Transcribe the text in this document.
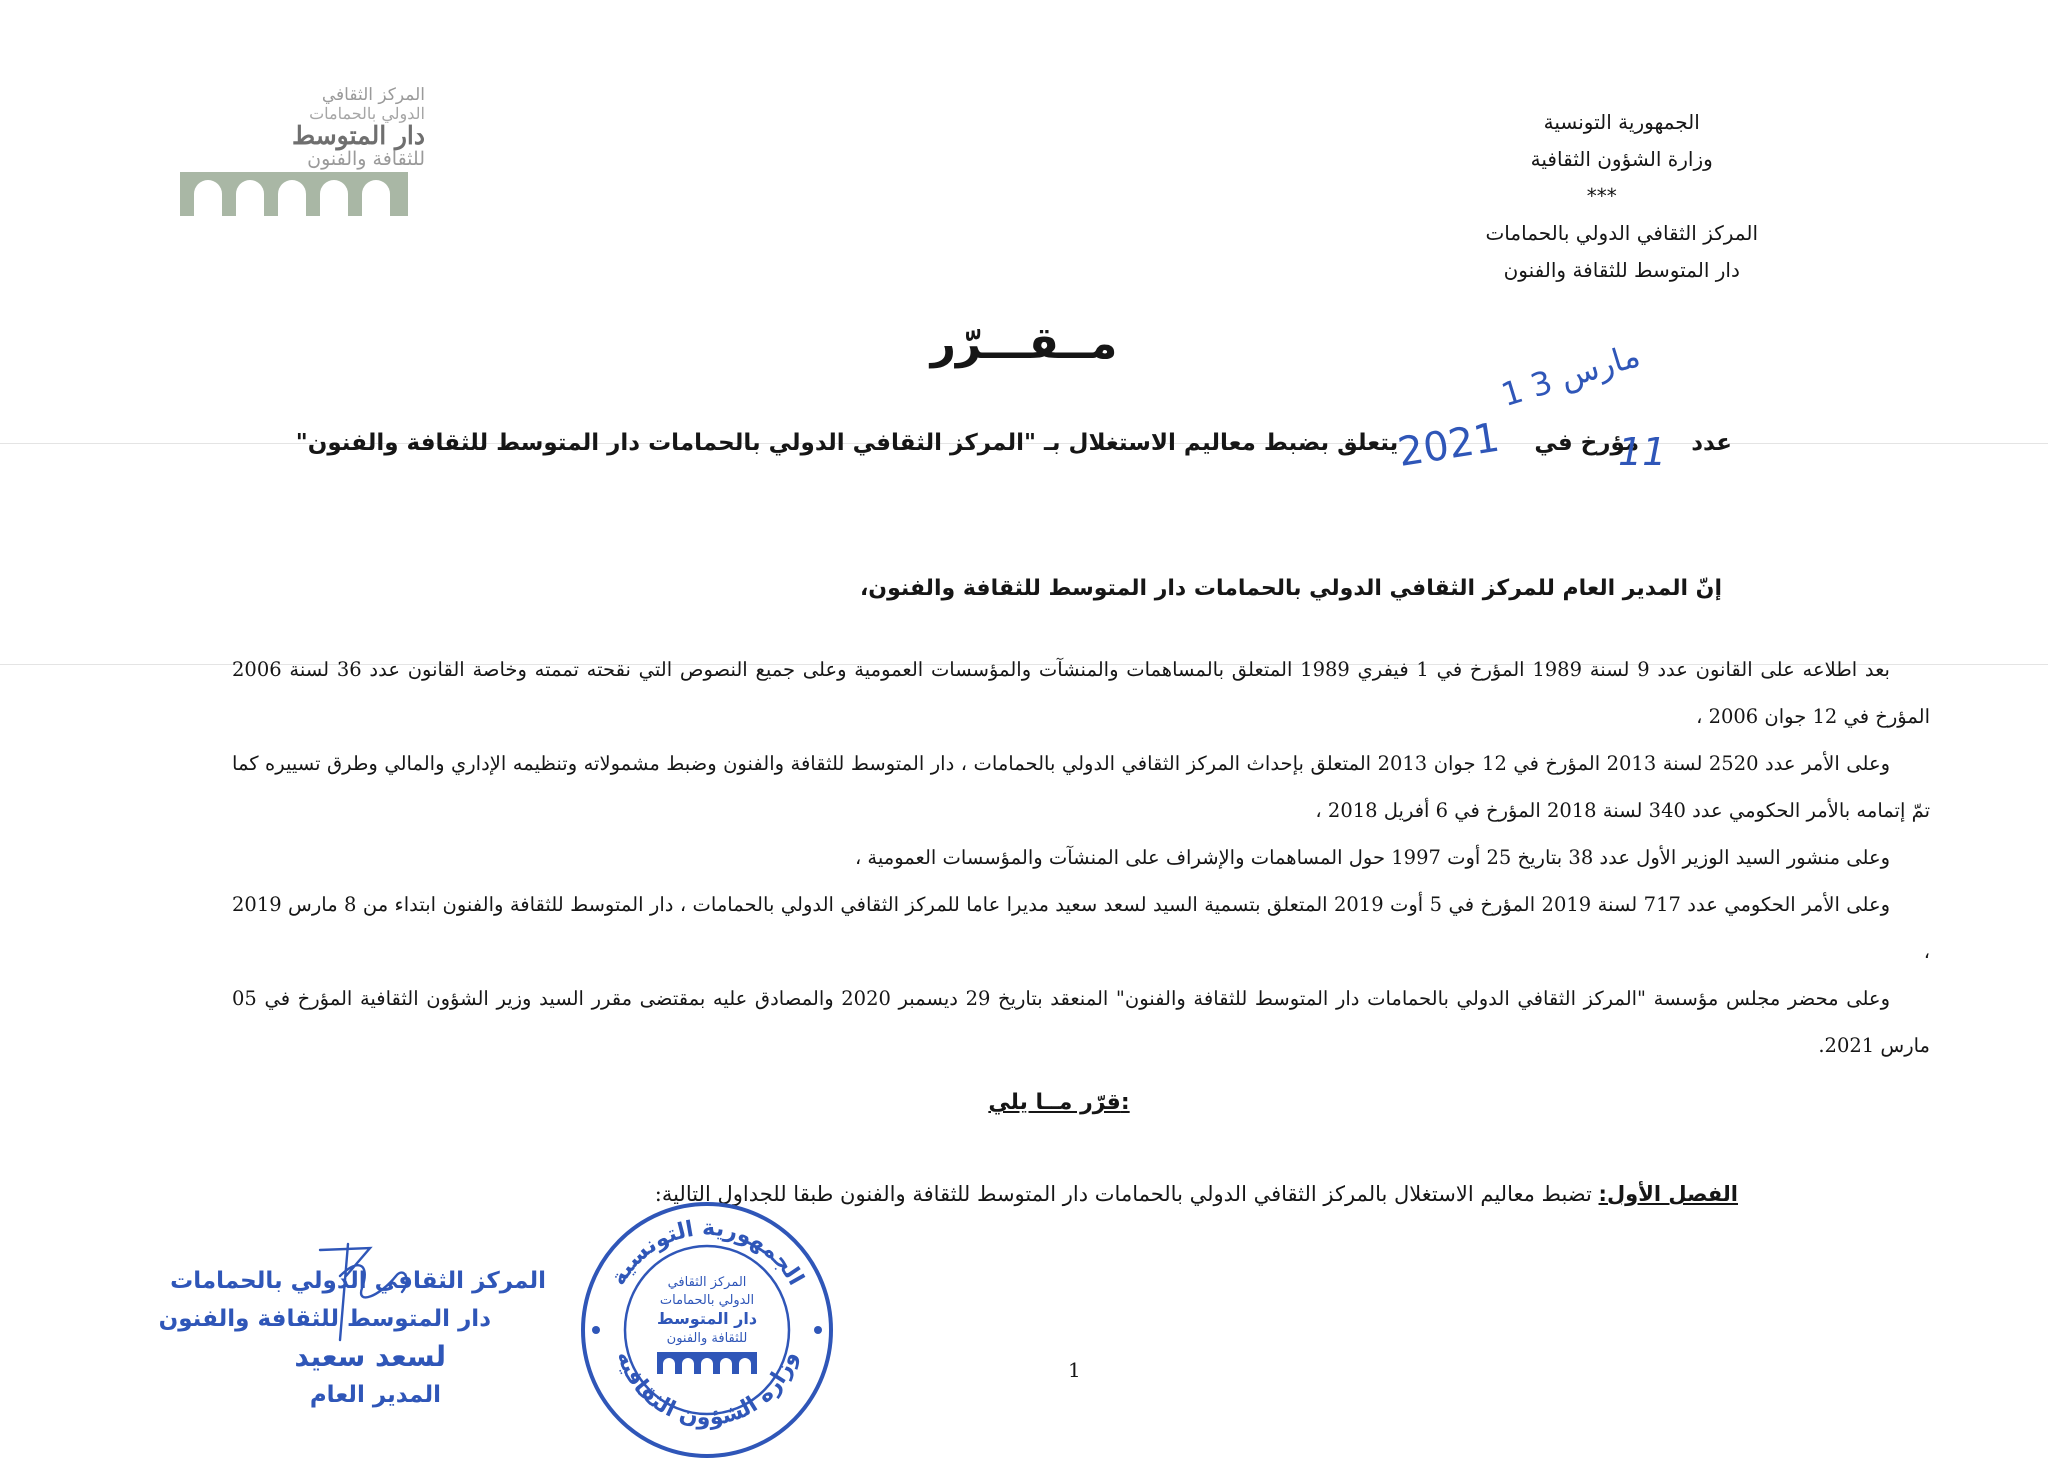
المركز الثقافي
الدولي بالحمامات
دار المتوسط
للثقافة والفنون
الجمهورية التونسية
وزارة الشؤون الثقافية
***
المركز الثقافي الدولي بالحمامات
دار المتوسط للثقافة والفنون
مــقـــرّر
عدد  مؤرخ في  يتعلق بضبط معاليم الاستغلال بـ "المركز الثقافي الدولي بالحمامات دار المتوسط للثقافة والفنون"	11
2021
1 3 مارس
إنّ المدير العام للمركز الثقافي الدولي بالحمامات دار المتوسط للثقافة والفنون،

بعد اطلاعه على القانون عدد 9 لسنة 1989 المؤرخ في 1 فيفري 1989 المتعلق بالمساهمات والمنشآت والمؤسسات العمومية وعلى جميع النصوص التي نقحته تممته وخاصة القانون عدد 36 لسنة 2006 المؤرخ في 12 جوان 2006 ،

وعلى الأمر عدد 2520 لسنة 2013 المؤرخ في 12 جوان 2013 المتعلق بإحداث المركز الثقافي الدولي بالحمامات ، دار المتوسط للثقافة والفنون وضبط مشمولاته وتنظيمه الإداري والمالي وطرق تسييره كما تمّ إتمامه بالأمر الحكومي عدد 340 لسنة 2018 المؤرخ في 6 أفريل 2018 ،

وعلى منشور السيد الوزير الأول عدد 38 بتاريخ 25 أوت 1997 حول المساهمات والإشراف على المنشآت والمؤسسات العمومية ،

وعلى الأمر الحكومي عدد 717 لسنة 2019 المؤرخ في 5 أوت 2019 المتعلق بتسمية السيد لسعد سعيد مديرا عاما للمركز الثقافي الدولي بالحمامات ، دار المتوسط للثقافة والفنون ابتداء من 8 مارس 2019 ،

وعلى محضر مجلس مؤسسة "المركز الثقافي الدولي بالحمامات دار المتوسط للثقافة والفنون" المنعقد بتاريخ 29 ديسمبر 2020 والمصادق عليه بمقتضى مقرر السيد وزير الشؤون الثقافية المؤرخ في 05 مارس 2021.

قرّر مــا يلي:
الفصل الأول: تضبط معاليم الاستغلال بالمركز الثقافي الدولي بالحمامات دار المتوسط للثقافة والفنون طبقا للجداول التالية:
1
المركز الثقافي الدولي بالحمامات
دار المتوسط للثقافة والفنون
لسعد سعيد
المدير العام
الجمهورية التونسية
وزارة الشؤون الثقافية
المركز الثقافي
الدولي بالحمامات
دار المتوسط
للثقافة والفنون
